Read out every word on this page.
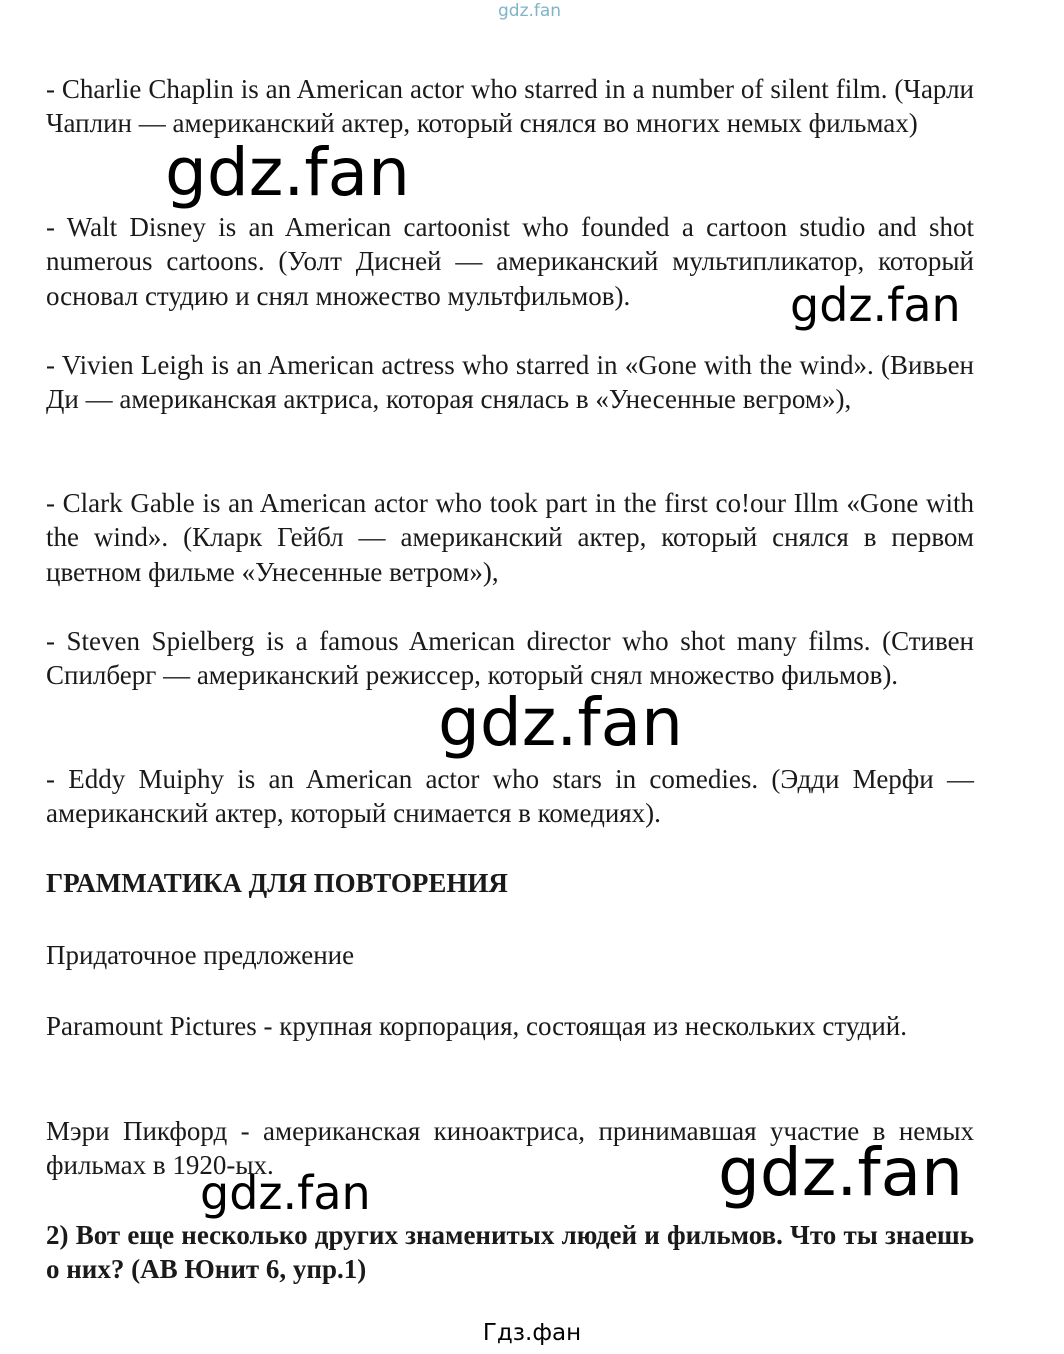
gdz.fan

- Charlie Chaplin is an American actor who starred in a number of silent film. (Чарли Чаплин — американский актер, который снялся во многих немых фильмах)

- Walt Disney is an American cartoonist who founded a cartoon studio and shot numerous cartoons. (Уолт Дисней — американский мультипликатор, который основал студию и снял множество мультфильмов).

- Vivien Leigh is an American actress who starred in «Gone with the wind». (Вивьен Ди — американская актриса, которая снялась в «Унесенные вегром»),

- Clark Gable is an American actor who took part in the first co!our Illm «Gone with the wind». (Кларк Гейбл — американский актер, который снялся в первом цветном фильме «Унесенные ветром»),

- Steven Spielberg is a famous American director who shot many films. (Стивен Спилберг — американский режиссер, который снял множество фильмов).

- Eddy Muiphy is an American actor who stars in comedies. (Эдди Мерфи — американский актер, который снимается в комедиях).

ГРАММАТИКА ДЛЯ ПОВТОРЕНИЯ

Придаточное предложение

Paramount Pictures - крупная корпорация, состоящая из нескольких студий.

Мэри Пикфорд - американская киноактриса, принимавшая участие в немых фильмах в 1920-ых.

2) Вот еще несколько других знаменитых людей и фильмов. Что ты знаешь о них? (АВ Юнит 6, упр.1)

gdz.fan
gdz.fan
gdz.fan
gdz.fan
gdz.fan
Гдз.фан
